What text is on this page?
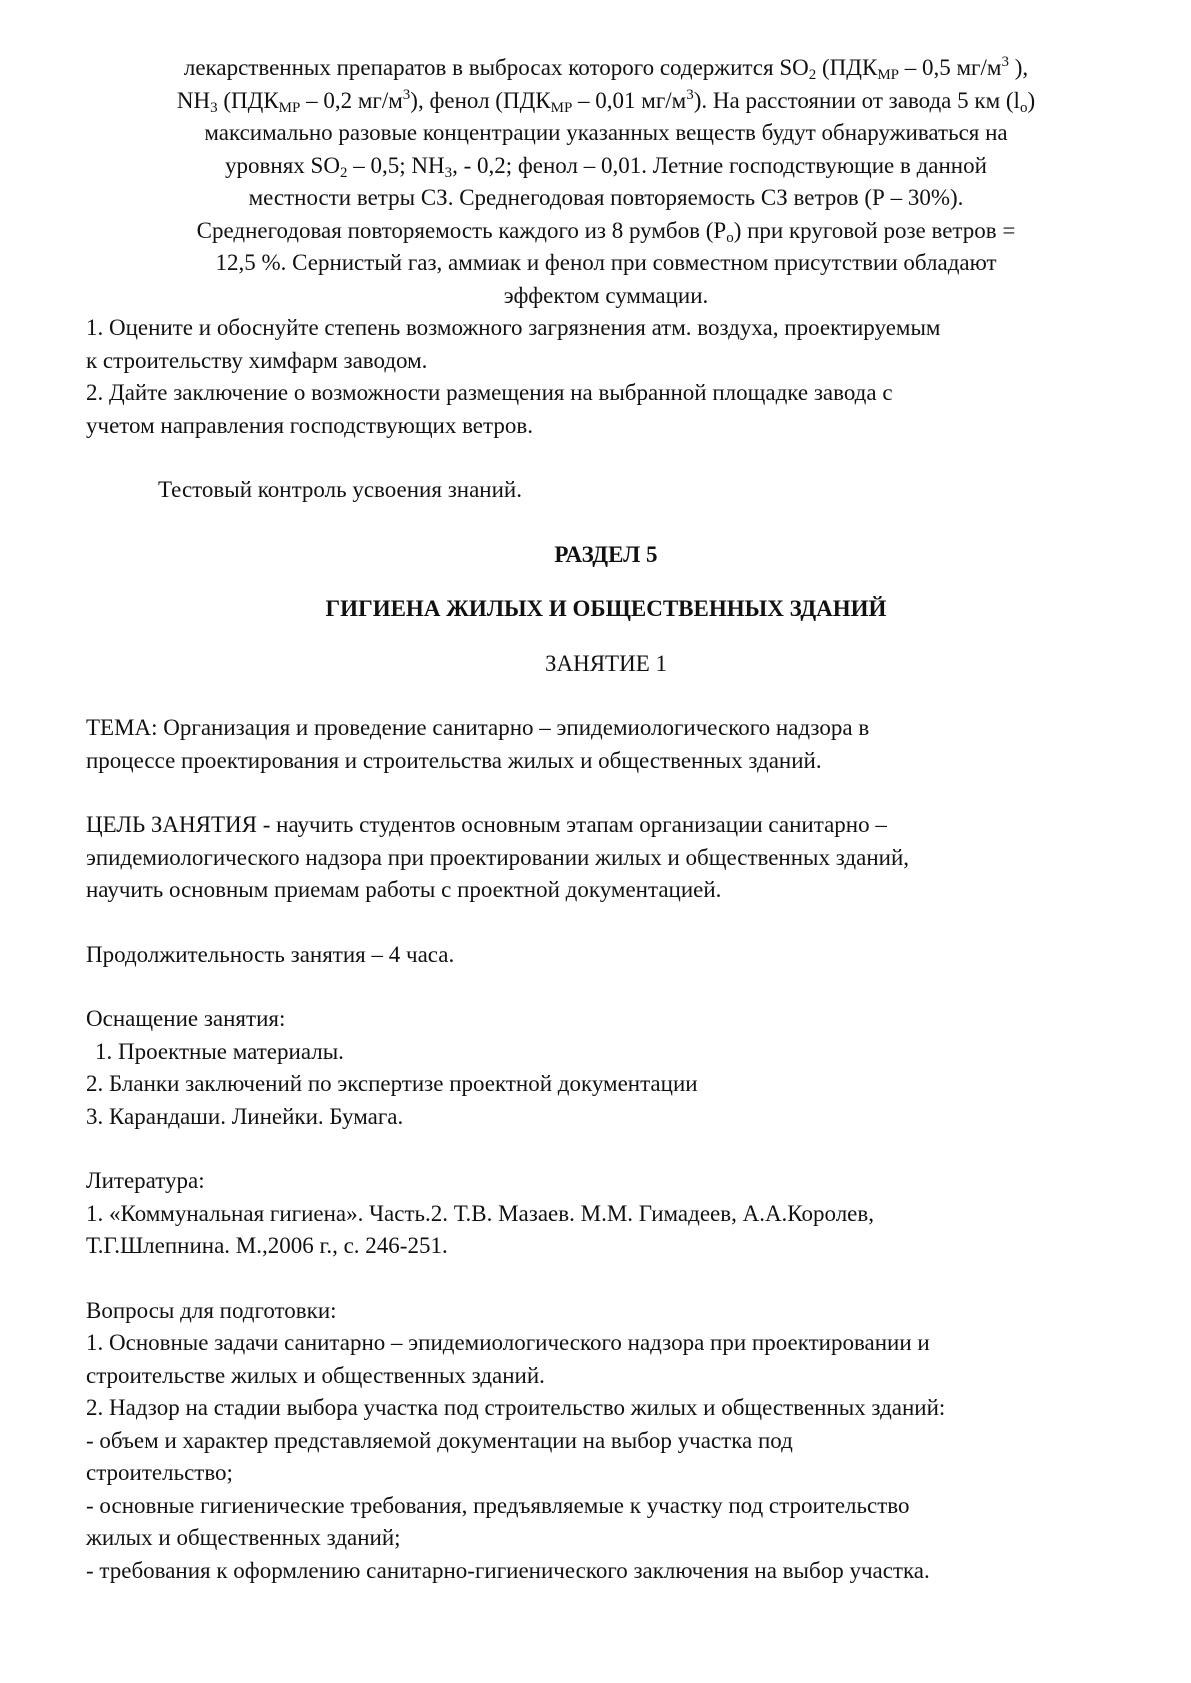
лекарственных препаратов в выбросах которого содержится $SO_2$ ($ПДК_{МР} - 0,5$ $мг/м^3$ ),
$NH_3$ ($ПДК_{МР} - 0,2$ $мг/м^3$), фенол ($ПДК_{МР} - 0,01$ $мг/м^3$). На расстоянии от завода 5 км $(l_о)$
максимально разовые концентрации указанных веществ будут обнаруживаться на
уровнях $SO_2 - 0,5$; $NH_3$, - 0,2; фенол – 0,01. Летние господствующие в данной
местности ветры СЗ. Среднегодовая повторяемость СЗ ветров (Р – 30%).
Среднегодовая повторяемость каждого из 8 румбов $(Р_о)$ при круговой розе ветров =
12,5 %. Сернистый газ, аммиак и фенол при совместном присутствии обладают
эффектом суммации.
1. Оцените и обоснуйте степень возможного загрязнения атм. воздуха, проектируемым
к строительству химфарм заводом.
2. Дайте заключение о возможности размещения на выбранной площадке завода с
учетом направления господствующих ветров.
Тестовый контроль усвоения знаний.
РАЗДЕЛ 5
ГИГИЕНА ЖИЛЫХ И ОБЩЕСТВЕННЫХ ЗДАНИЙ
ЗАНЯТИЕ 1
ТЕМА: Организация и проведение санитарно – эпидемиологического надзора в
процессе проектирования и строительства жилых и общественных зданий.
ЦЕЛЬ ЗАНЯТИЯ - научить студентов основным этапам организации санитарно –
эпидемиологического надзора при проектировании жилых и общественных зданий,
научить основным приемам работы с проектной документацией.
Продолжительность занятия – 4 часа.
Оснащение занятия:
1. Проектные материалы.
2. Бланки заключений по экспертизе проектной документации
3. Карандаши. Линейки. Бумага.
Литература:
1. «Коммунальная гигиена». Часть.2. Т.В. Мазаев. М.М. Гимадеев, А.А.Королев,
Т.Г.Шлепнина. М.,2006 г., с. 246-251.
Вопросы для подготовки:
1. Основные задачи санитарно – эпидемиологического надзора при проектировании и
строительстве жилых и общественных зданий.
2. Надзор на стадии выбора участка под строительство жилых и общественных зданий:
- объем и характер представляемой документации на выбор участка под
строительство;
- основные гигиенические требования, предъявляемые к участку под строительство
жилых и общественных зданий;
- требования к оформлению санитарно-гигиенического заключения на выбор участка.
